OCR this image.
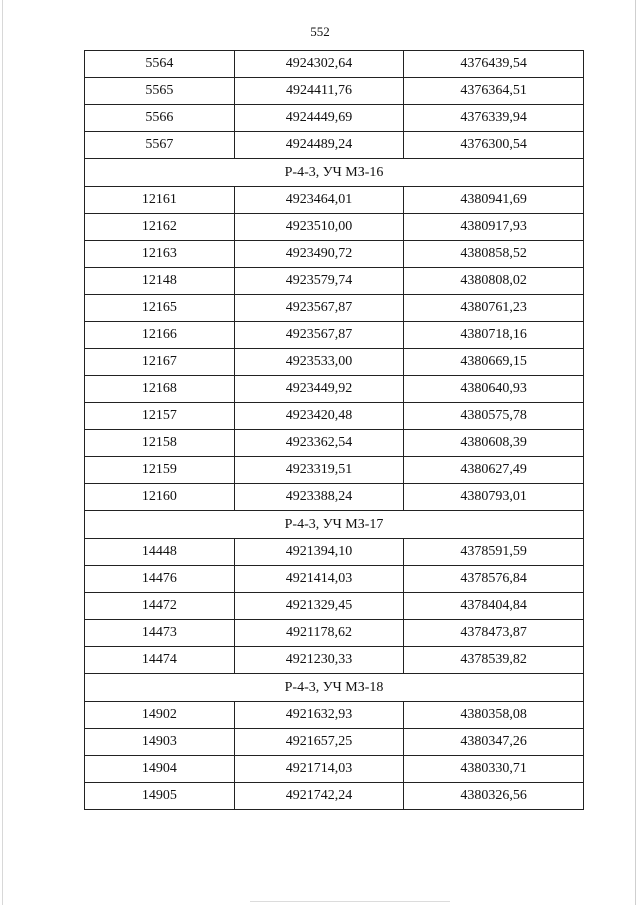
552
5564	4924302,64	4376439,54
5565	4924411,76	4376364,51
5566	4924449,69	4376339,94
5567	4924489,24	4376300,54
Р-4-3, УЧ МЗ-16		
12161	4923464,01	4380941,69
12162	4923510,00	4380917,93
12163	4923490,72	4380858,52
12148	4923579,74	4380808,02
12165	4923567,87	4380761,23
12166	4923567,87	4380718,16
12167	4923533,00	4380669,15
12168	4923449,92	4380640,93
12157	4923420,48	4380575,78
12158	4923362,54	4380608,39
12159	4923319,51	4380627,49
12160	4923388,24	4380793,01
Р-4-3, УЧ МЗ-17		
14448	4921394,10	4378591,59
14476	4921414,03	4378576,84
14472	4921329,45	4378404,84
14473	4921178,62	4378473,87
14474	4921230,33	4378539,82
Р-4-3, УЧ МЗ-18		
14902	4921632,93	4380358,08
14903	4921657,25	4380347,26
14904	4921714,03	4380330,71
14905	4921742,24	4380326,56
